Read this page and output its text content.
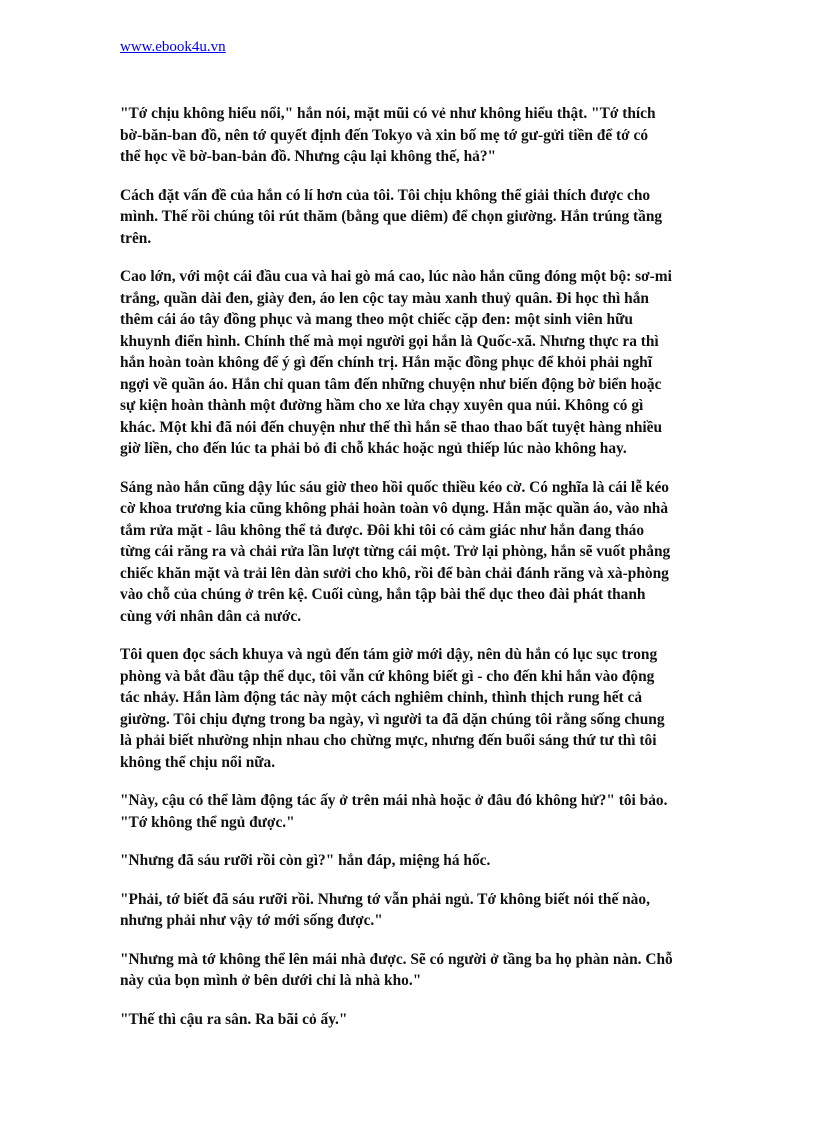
www.ebook4u.vn

"Tớ chịu không hiểu nổi," hắn nói, mặt mũi có vẻ như không hiểu thật. "Tớ thích
bờ-băn-ban đồ, nên tớ quyết định đến Tokyo và xin bố mẹ tớ gư-gửi tiền để tớ có
thể học về bờ-ban-bản đồ. Nhưng cậu lại không thế, hả?"

Cách đặt vấn đề của hắn có lí hơn của tôi. Tôi chịu không thể giải thích được cho
mình. Thế rồi chúng tôi rút thăm (bằng que diêm) để chọn giường. Hắn trúng tầng
trên.

Cao lớn, với một cái đầu cua và hai gò má cao, lúc nào hắn cũng đóng một bộ: sơ-mi
trắng, quần dài đen, giày đen, áo len cộc tay màu xanh thuỷ quân. Đi học thì hắn
thêm cái áo tây đồng phục và mang theo một chiếc cặp đen: một sinh viên hữu
khuynh điển hình. Chính thế mà mọi người gọi hắn là Quốc-xã. Nhưng thực ra thì
hắn hoàn toàn không để ý gì đến chính trị. Hắn mặc đồng phục để khỏi phải nghĩ
ngợi về quần áo. Hắn chỉ quan tâm đến những chuyện như biến động bờ biển hoặc
sự kiện hoàn thành một đường hầm cho xe lửa chạy xuyên qua núi. Không có gì
khác. Một khi đã nói đến chuyện như thế thì hắn sẽ thao thao bất tuyệt hàng nhiều
giờ liền, cho đến lúc ta phải bỏ đi chỗ khác hoặc ngủ thiếp lúc nào không hay.

Sáng nào hắn cũng dậy lúc sáu giờ theo hồi quốc thiều kéo cờ. Có nghĩa là cái lễ kéo
cờ khoa trương kia cũng không phải hoàn toàn vô dụng. Hắn mặc quần áo, vào nhà
tắm rửa mặt - lâu không thể tả được. Đôi khi tôi có cảm giác như hắn đang tháo
từng cái răng ra và chải rửa lần lượt từng cái một. Trở lại phòng, hắn sẽ vuốt phẳng
chiếc khăn mặt và trải lên dàn sưởi cho khô, rồi để bàn chải đánh răng và xà-phòng
vào chỗ của chúng ở trên kệ. Cuối cùng, hắn tập bài thể dục theo đài phát thanh
cùng với nhân dân cả nước.

Tôi quen đọc sách khuya và ngủ đến tám giờ mới dậy, nên dù hắn có lục sục trong
phòng và bắt đầu tập thể dục, tôi vẫn cứ không biết gì - cho đến khi hắn vào động
tác nhảy. Hắn làm động tác này một cách nghiêm chỉnh, thình thịch rung hết cả
giường. Tôi chịu đựng trong ba ngày, vì người ta đã dặn chúng tôi rằng sống chung
là phải biết nhường nhịn nhau cho chừng mực, nhưng đến buổi sáng thứ tư thì tôi
không thể chịu nổi nữa.

"Này, cậu có thể làm động tác ấy ở trên mái nhà hoặc ở đâu đó không hử?" tôi bảo.
"Tớ không thể ngủ được."

"Nhưng đã sáu rưỡi rồi còn gì?" hắn đáp, miệng há hốc.

"Phải, tớ biết đã sáu rưỡi rồi. Nhưng tớ vẫn phải ngủ. Tớ không biết nói thế nào,
nhưng phải như vậy tớ mới sống được."

"Nhưng mà tớ không thể lên mái nhà được. Sẽ có người ở tầng ba họ phàn nàn. Chỗ
này của bọn mình ở bên dưới chỉ là nhà kho."

"Thế thì cậu ra sân. Ra bãi cỏ ấy."
